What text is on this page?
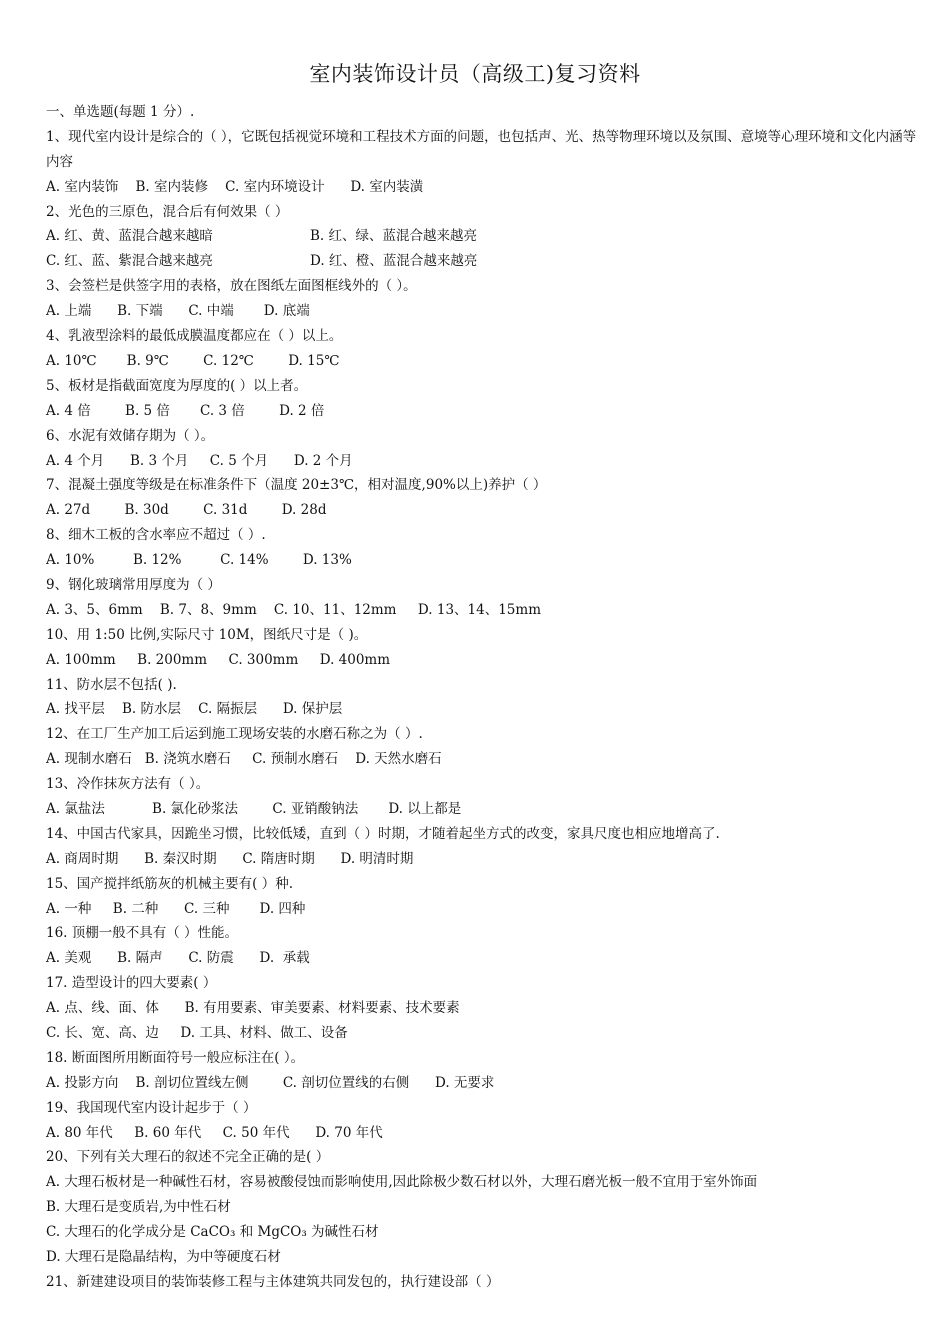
室内装饰设计员（高级工)复习资料
一、单选题(每题 1 分）.
1、现代室内设计是综合的（ ），它既包括视觉环境和工程技术方面的问题，也包括声、光、热等物理环境以及氛围、意境等心理环境和文化内涵等内容
A. 室内装饰    B. 室内装修    C. 室内环境设计      D. 室内装潢
2、光色的三原色，混合后有何效果（ ）
A. 红、黄、蓝混合越来越暗	B. 红、绿、蓝混合越来越亮
C. 红、蓝、紫混合越来越亮	D. 红、橙、蓝混合越来越亮
3、会签栏是供签字用的表格，放在图纸左面图框线外的（ ）。
A. 上端      B. 下端      C. 中端       D. 底端
4、乳液型涂料的最低成膜温度都应在（ ）以上。
A. 10℃       B. 9℃        C. 12℃        D. 15℃
5、板材是指截面宽度为厚度的( ）以上者。
A. 4 倍        B. 5 倍       C. 3 倍        D. 2 倍
6、水泥有效储存期为（ ）。
A. 4 个月      B. 3 个月     C. 5 个月      D. 2 个月
7、混凝土强度等级是在标准条件下（温度 20±3℃，相对温度,90%以上)养护（ ）
A. 27d        B. 30d        C. 31d        D. 28d
8、细木工板的含水率应不超过（ ）.
A. 10%         B. 12%         C. 14%        D. 13%
9、钢化玻璃常用厚度为（ ）
A. 3、5、6mm    B. 7、8、9mm    C. 10、11、12mm     D. 13、14、15mm
10、用 1:50 比例,实际尺寸 10M，图纸尺寸是（ )。
A. 100mm     B. 200mm     C. 300mm     D. 400mm
11、防水层不包括( ).
A. 找平层    B. 防水层    C. 隔振层      D. 保护层
12、在工厂生产加工后运到施工现场安装的水磨石称之为（ ）.
A. 现制水磨石   B. 浇筑水磨石     C. 预制水磨石    D. 天然水磨石
13、冷作抹灰方法有（ ）。
A. 氯盐法           B. 氯化砂浆法        C. 亚销酸钠法       D. 以上都是
14、中国古代家具，因跪坐习惯，比较低矮，直到（ ）时期，才随着起坐方式的改变，家具尺度也相应地增高了.
A. 商周时期      B. 秦汉时期      C. 隋唐时期      D. 明清时期
15、国产搅拌纸筋灰的机械主要有( ）种.
A. 一种     B. 二种      C. 三种       D. 四种
16. 顶棚一般不具有（ ）性能。
A. 美观      B. 隔声      C. 防震      D.  承载
17. 造型设计的四大要素( ）
A. 点、线、面、体      B. 有用要素、审美要素、材料要素、技术要素
C. 长、宽、高、边     D. 工具、材料、做工、设备
18. 断面图所用断面符号一般应标注在( ）。
A. 投影方向    B. 剖切位置线左侧        C. 剖切位置线的右侧      D. 无要求
19、我国现代室内设计起步于（ ）
A. 80 年代     B. 60 年代     C. 50 年代      D. 70 年代
20、下列有关大理石的叙述不完全正确的是( ）
A. 大理石板材是一种碱性石材，容易被酸侵蚀而影响使用,因此除极少数石材以外，大理石磨光板一般不宜用于室外饰面
B. 大理石是变质岩,为中性石材
C. 大理石的化学成分是 CaCO₃ 和 MgCO₃ 为碱性石材
D. 大理石是隐晶结构，为中等硬度石材
21、新建建设项目的装饰装修工程与主体建筑共同发包的，执行建设部（ ）
